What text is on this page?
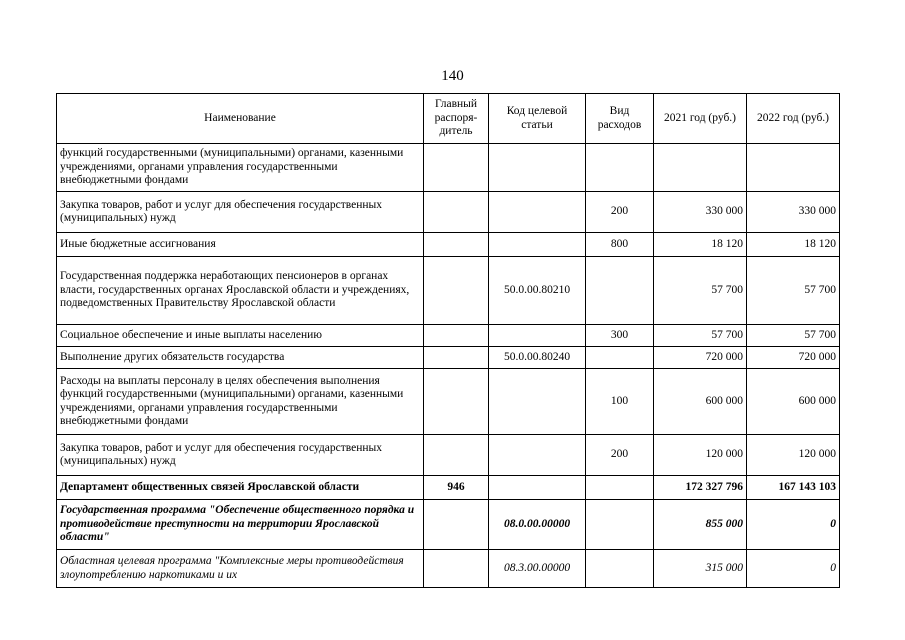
140
Наименование	Главный распоря- дитель	Код целевой статьи	Вид расходов	2021 год (руб.)	2022 год (руб.)
функций государственными (муниципальными) органами, казенными учреждениями, органами управления государственными внебюджетными фондами					
Закупка товаров, работ и услуг для обеспечения государственных (муниципальных) нужд			200	330 000	330 000
Иные бюджетные ассигнования			800	18 120	18 120
Государственная поддержка неработающих пенсионеров в органах власти, государственных органах Ярославской области и учреждениях, подведомственных Правительству Ярославской области		50.0.00.80210		57 700	57 700
Социальное обеспечение и иные выплаты населению			300	57 700	57 700
Выполнение других обязательств государства		50.0.00.80240		720 000	720 000
Расходы на выплаты персоналу в целях обеспечения выполнения функций государственными (муниципальными) органами, казенными учреждениями, органами управления государственными внебюджетными фондами			100	600 000	600 000
Закупка товаров, работ и услуг для обеспечения государственных (муниципальных) нужд			200	120 000	120 000
Департамент общественных связей Ярославской области	946			172 327 796	167 143 103
Государственная программа "Обеспечение общественного порядка и противодействие преступности на территории Ярославской области"		08.0.00.00000		855 000	0
Областная целевая программа "Комплексные меры противодействия злоупотреблению наркотиками и их		08.3.00.00000		315 000	0
